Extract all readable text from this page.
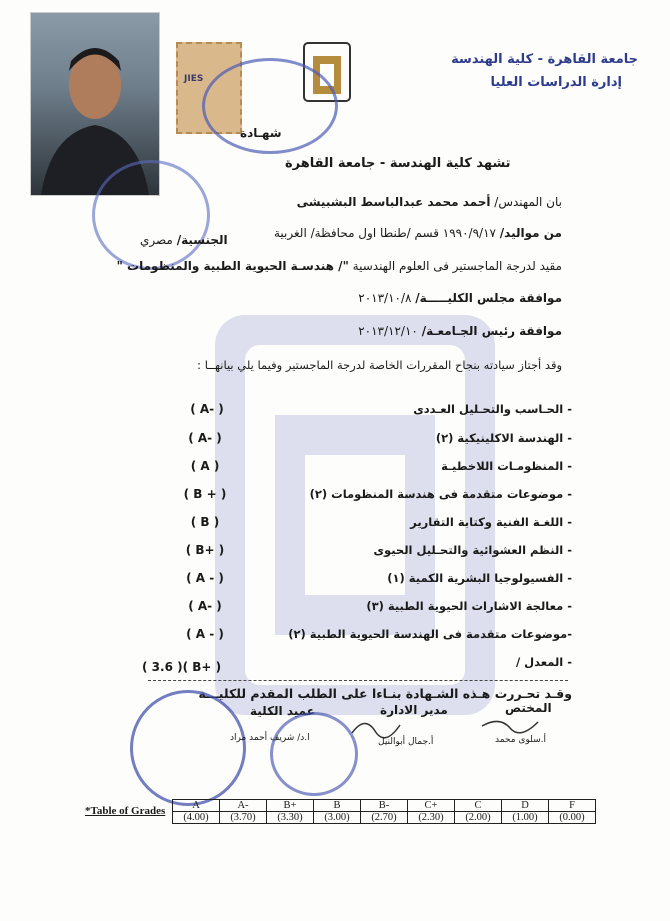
جامعة القاهرة - كلية الهندسة
إدارة الدراسات العليا
JIES
شهـادة
تشهد كلية الهندسة - جامعة القاهرة
بان المهندس/ أحمد محمد عبدالباسط البشبيشى
من مواليد/ ١٩٩٠/٩/١٧ قسم /طنطا اول محافظة/ الغربية
الجنسية/ مصري
مقيد لدرجة الماجستير فى العلوم الهندسية "/ هندسـة الحيوية الطبية والمنظومات "
موافقة مجلس الكليـــــة/ ٢٠١٣/١٠/٨
موافقة رئيس الجـامعـة/ ٢٠١٣/١٢/١٠
وقد أجتاز سيادته بنجاح المقررات الخاصة لدرجة الماجستير وفيما يلي بيانهــا :
- الحـاسب والتحـليل العـددى
( A- )
- الهندسة الاكلينيكية (٢)
( A- )
- المنظومـات اللاخطيـة
( A )
- موضوعات متقدمة فى هندسة المنظومات (٢)
( B + )
- اللغـة الفنية وكتابة التقارير
( B )
- النظم العشوائية والتحـليل الحيوى
( B+ )
- الفسيولوجيا البشرية الكمية (١)
( A - )
- معالجة الاشارات الحيوية الطبية (٣)
( A- )
-موضوعات متقدمة فى الهندسة الحيوية الطبية (٢)
( A - )
- المعدل /
( 3.6 )( B+ )
وقـد تحـررت هـذه الشـهادة بنـاءا على الطلب المقدم للكليـــة
عميد الكلية	مدير الادارة	المختص
ا.د/ شريف أحمد مراد	أ.جمال أبوالنيل	أ.سلوى محمد
*Table of Grades	A	A-	B+	B	B-	C+	C	D	F
(4.00)	(3.70)	(3.30)	(3.00)	(2.70)	(2.30)	(2.00)	(1.00)	(0.00)
